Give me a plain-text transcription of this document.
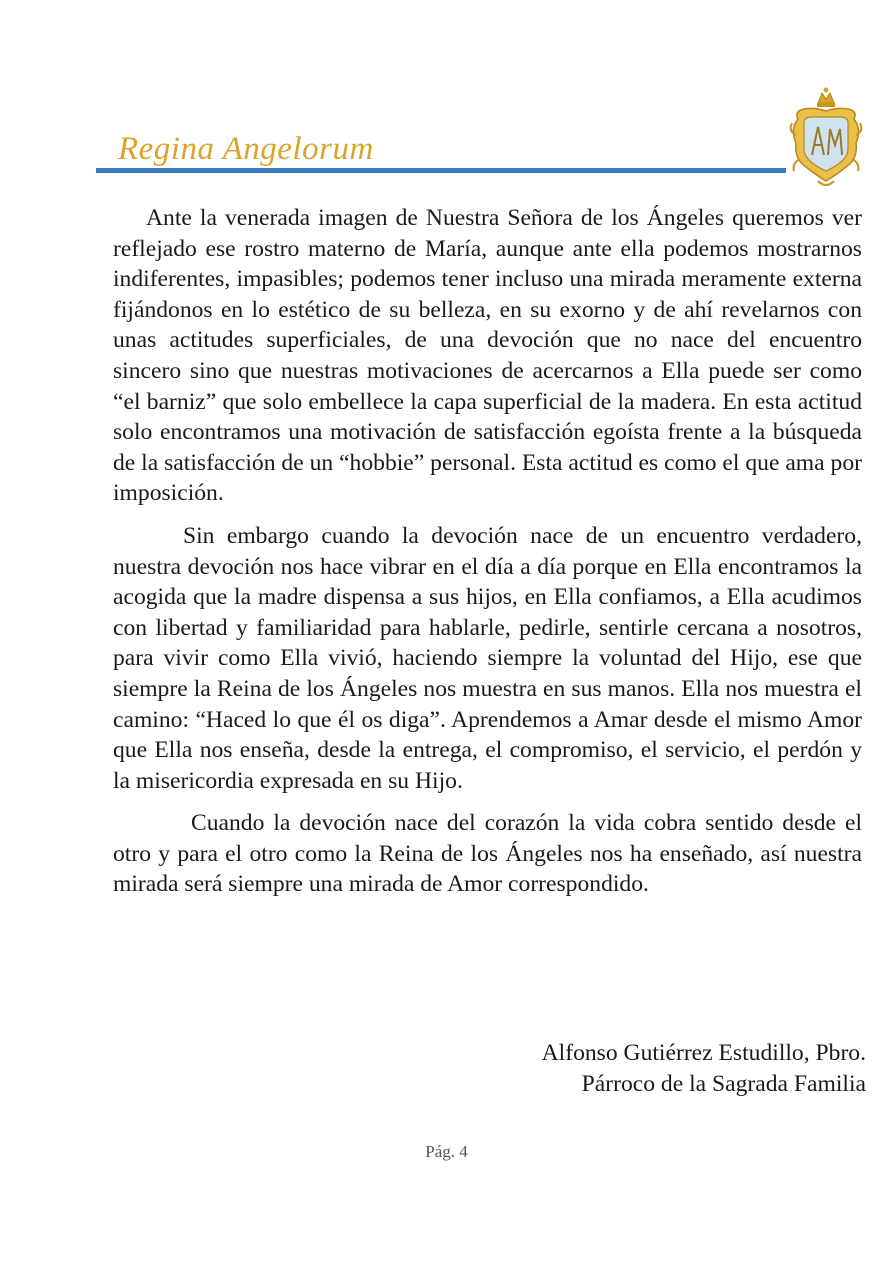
Regina Angelorum

Ante la venerada imagen de Nuestra Señora de los Ángeles queremos ver reflejado ese rostro materno de María, aunque ante ella podemos mostrarnos indiferentes, impasibles; podemos tener incluso una mirada meramente externa fijándonos en lo estético de su belleza, en su exorno y de ahí revelarnos con unas actitudes superficiales, de una devoción que no nace del encuentro sincero sino que nuestras motivaciones de acercarnos a Ella puede ser como “el barniz” que solo embellece la capa superficial de la madera. En esta actitud solo encontramos una motivación de satisfacción egoísta frente a la búsqueda de la satisfacción de un “hobbie” personal. Esta actitud es como el que ama por imposición.

Sin embargo cuando la devoción nace de un encuentro verdadero, nuestra devoción nos hace vibrar en el día a día porque en Ella encontramos la acogida que la madre dispensa a sus hijos, en Ella confiamos, a Ella acudimos con libertad y familiaridad para hablarle, pedirle, sentirle cercana a nosotros, para vivir como Ella vivió, haciendo siempre la voluntad del Hijo, ese que siempre la Reina de los Ángeles nos muestra en sus manos. Ella nos muestra el camino: “Haced lo que él os diga”. Aprendemos a Amar desde el mismo Amor que Ella nos enseña, desde la entrega, el compromiso, el servicio, el perdón y la misericordia expresada en su Hijo.

Cuando la devoción nace del corazón la vida cobra sentido desde el otro y para el otro como la Reina de los Ángeles nos ha enseñado, así nuestra mirada será siempre una mirada de Amor correspondido.

Alfonso Gutiérrez Estudillo, Pbro.
Párroco de la Sagrada Familia
Pág. 4
